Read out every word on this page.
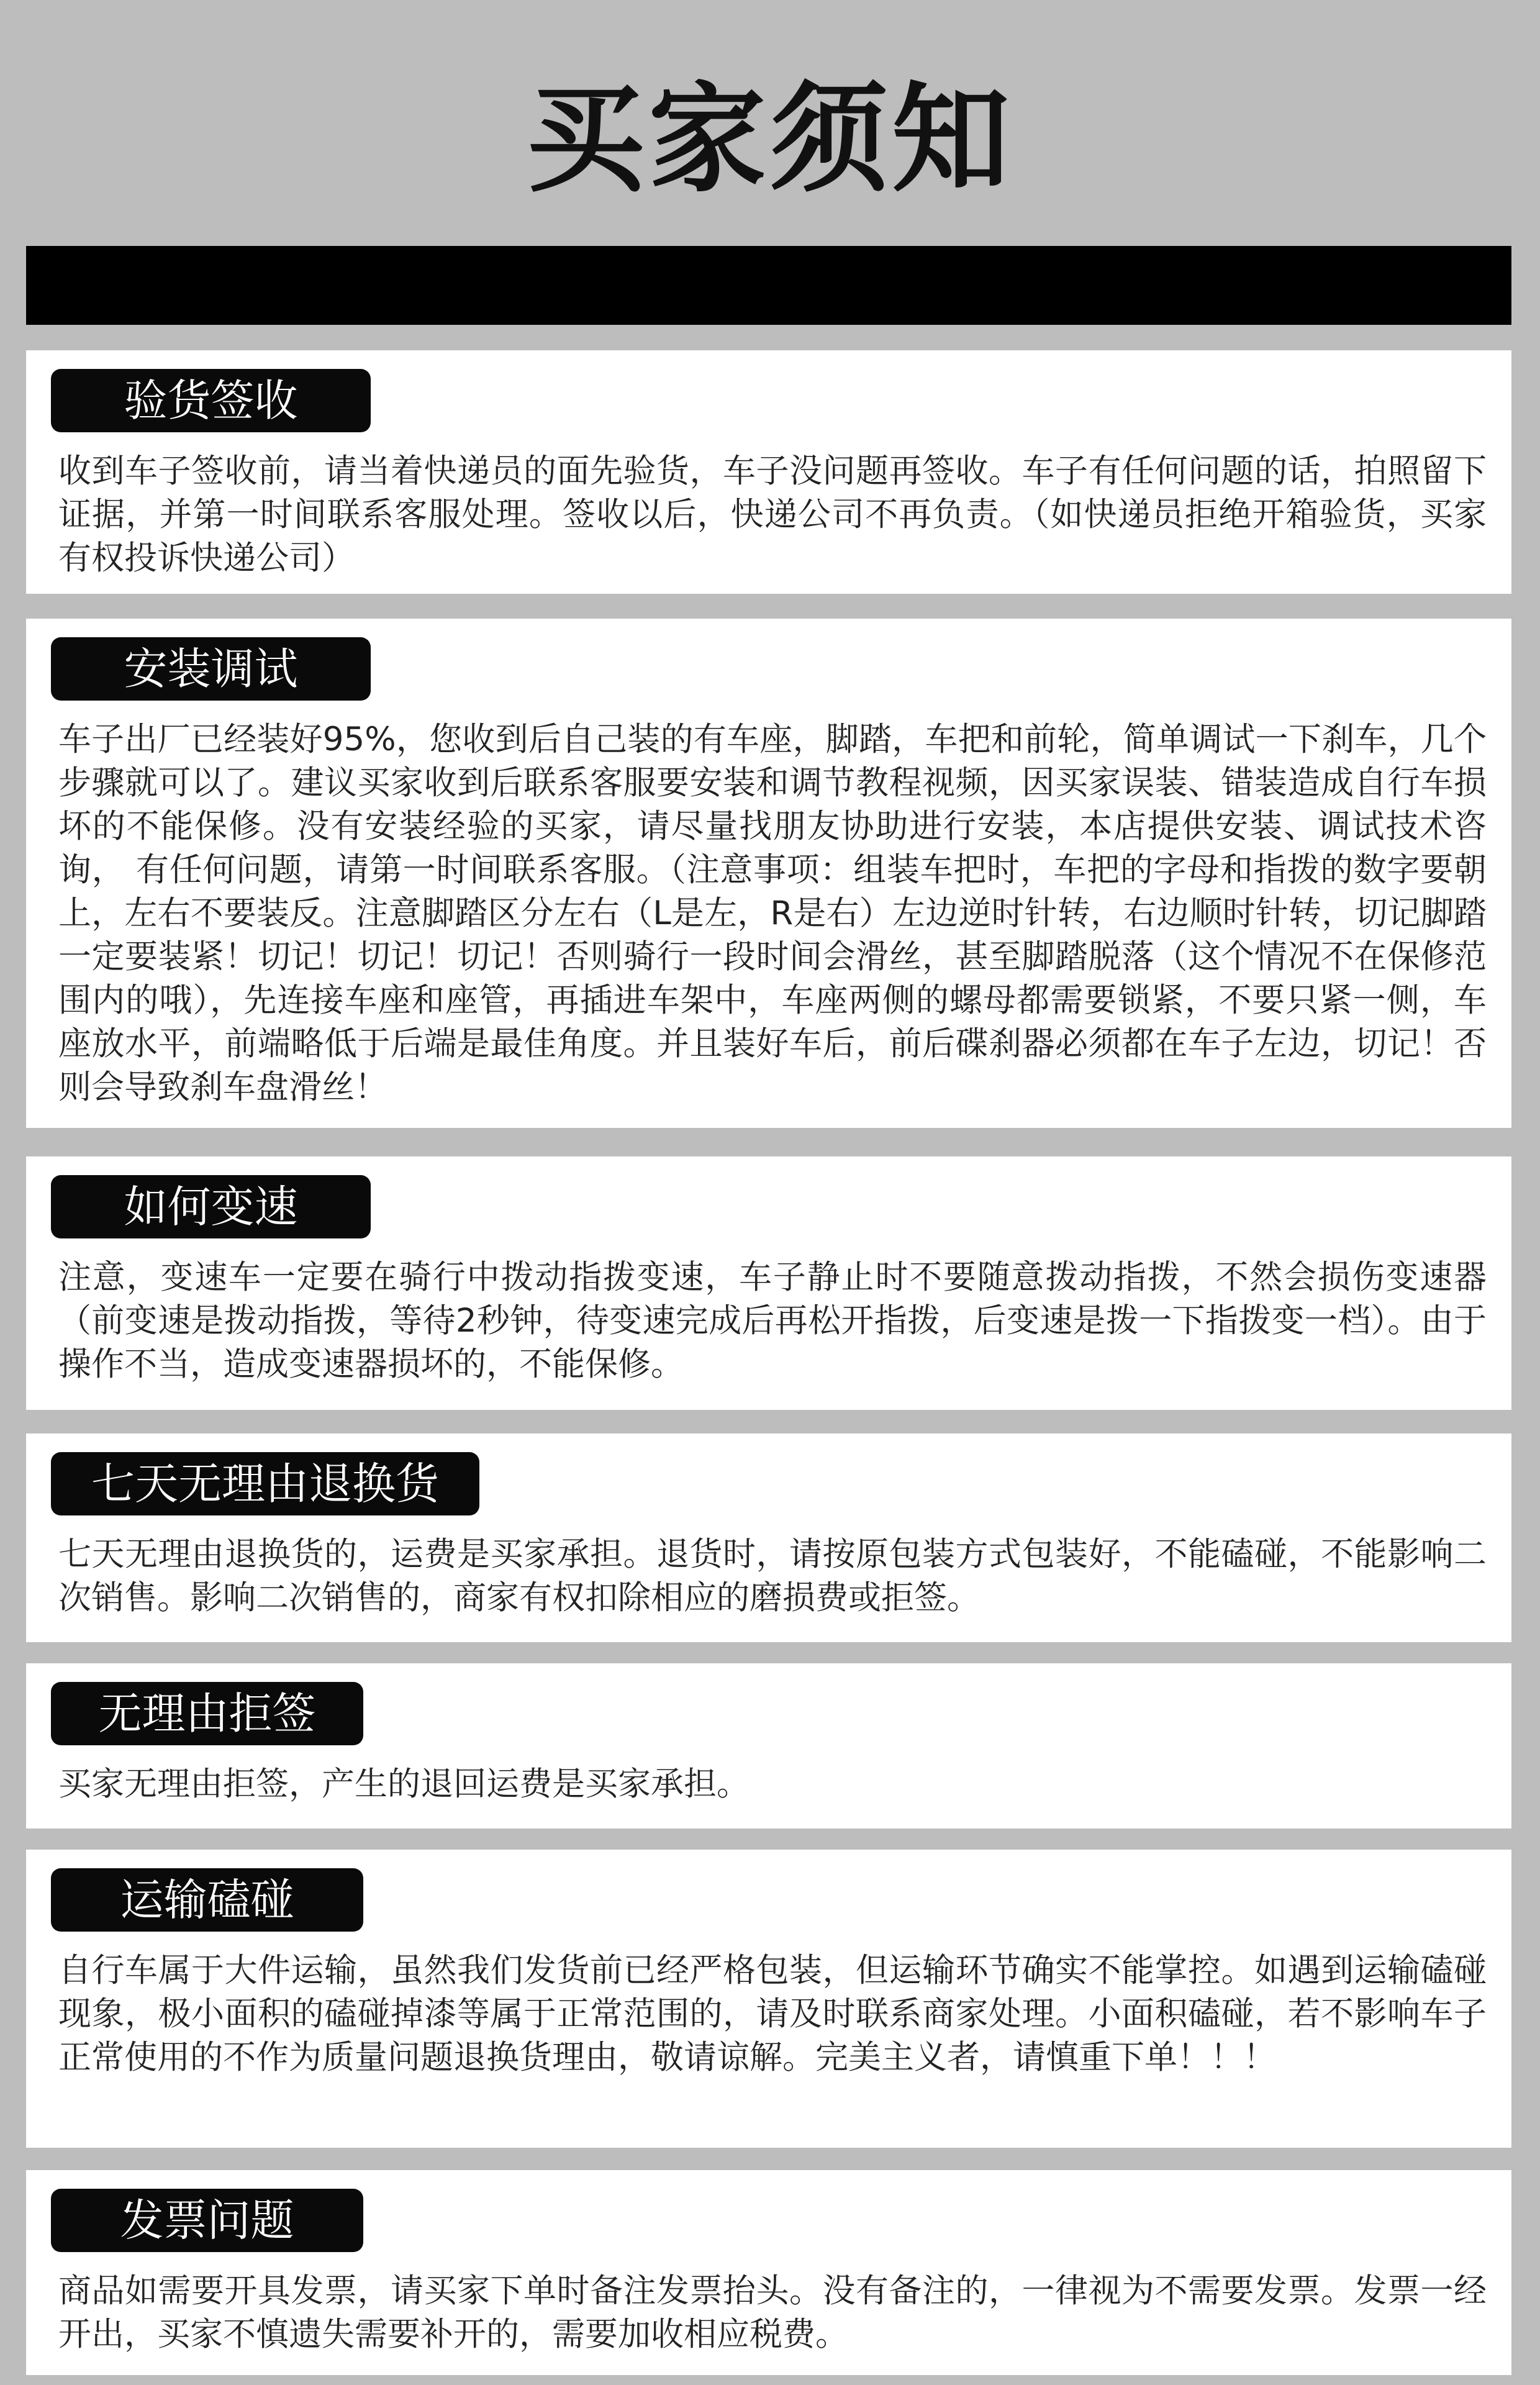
买家须知
验货签收

收到车子签收前，请当着快递员的面先验货，车子没问题再签收。车子有任何问题的话，拍照留下证据，并第一时间联系客服处理。签收以后，快递公司不再负责。（如快递员拒绝开箱验货，买家有权投诉快递公司）

安装调试

车子出厂已经装好95%，您收到后自己装的有车座，脚踏，车把和前轮，简单调试一下刹车，几个步骤就可以了。建议买家收到后联系客服要安装和调节教程视频，因买家误装、错装造成自行车损坏的不能保修。没有安装经验的买家，请尽量找朋友协助进行安装，本店提供安装、调试技术咨询， 有任何问题，请第一时间联系客服。（注意事项：组装车把时，车把的字母和指拨的数字要朝上，左右不要装反。注意脚踏区分左右（L是左，R是右）左边逆时针转，右边顺时针转，切记脚踏一定要装紧！切记！切记！切记！否则骑行一段时间会滑丝，甚至脚踏脱落（这个情况不在保修范围内的哦），先连接车座和座管，再插进车架中，车座两侧的螺母都需要锁紧，不要只紧一侧，车座放水平，前端略低于后端是最佳角度。并且装好车后，前后碟刹器必须都在车子左边，切记！否则会导致刹车盘滑丝！

如何变速

注意，变速车一定要在骑行中拨动指拨变速，车子静止时不要随意拨动指拨，不然会损伤变速器（前变速是拨动指拨，等待2秒钟，待变速完成后再松开指拨，后变速是拨一下指拨变一档）。由于操作不当，造成变速器损坏的，不能保修。

七天无理由退换货

七天无理由退换货的，运费是买家承担。退货时，请按原包装方式包装好，不能磕碰，不能影响二次销售。影响二次销售的，商家有权扣除相应的磨损费或拒签。

无理由拒签

买家无理由拒签，产生的退回运费是买家承担。

运输磕碰

自行车属于大件运输，虽然我们发货前已经严格包装，但运输环节确实不能掌控。如遇到运输磕碰现象，极小面积的磕碰掉漆等属于正常范围的，请及时联系商家处理。小面积磕碰，若不影响车子正常使用的不作为质量问题退换货理由，敬请谅解。完美主义者，请慎重下单！！！

发票问题

商品如需要开具发票，请买家下单时备注发票抬头。没有备注的，一律视为不需要发票。发票一经开出，买家不慎遗失需要补开的，需要加收相应税费。
